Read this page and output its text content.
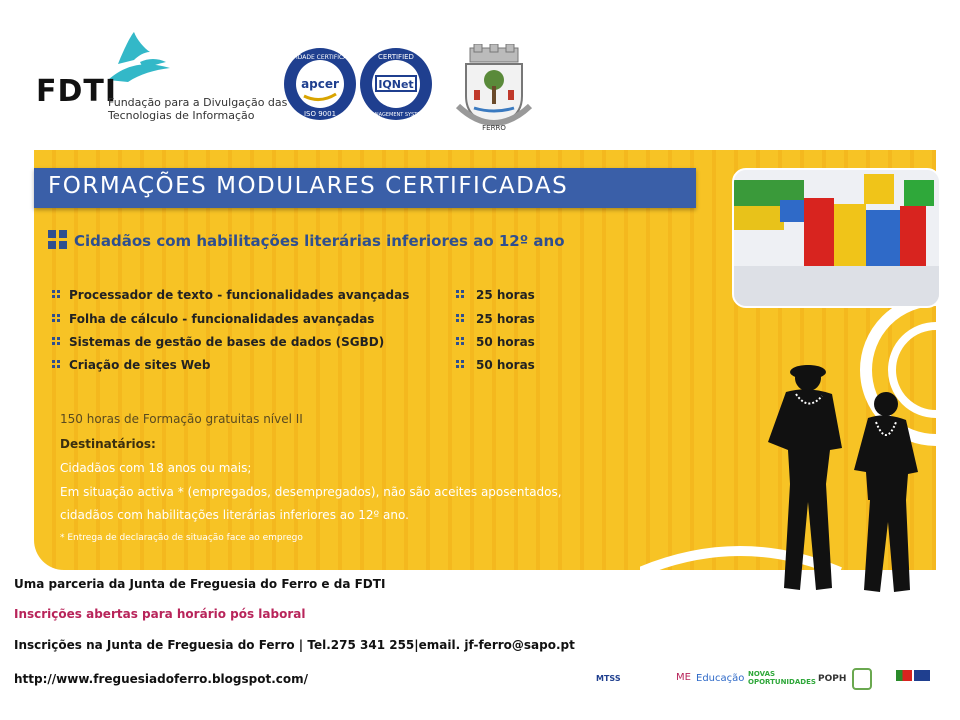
FDTI
Fundação para a Divulgação das
Tecnologias de Informação
apcer
ENTIDADE CERTIFICADA
ISO 9001
IQNet
CERTIFIED
MANAGEMENT SYSTEM
FERRO
FORMAÇÕES MODULARES CERTIFICADAS
Cidadãos com habilitações literárias inferiores ao 12º ano
Processador de texto - funcionalidades avançadas	25 horas
Folha de cálculo - funcionalidades avançadas	25 horas
Sistemas de gestão de bases de dados (SGBD)	50 horas
Criação de sites Web	50 horas
150 horas de Formação gratuitas nível II
Destinatários:
Cidadãos com 18 anos ou mais;
Em situação activa * (empregados, desempregados), não são aceites aposentados,
cidadãos com habilitações literárias inferiores ao 12º ano.
* Entrega de declaração de situação face ao emprego
Uma parceria da Junta de Freguesia do Ferro e da FDTI
Inscrições abertas para horário pós laboral
Inscrições na Junta de Freguesia do Ferro | Tel.275 341 255|email. jf-ferro@sapo.pt
http://www.freguesiadoferro.blogspot.com/	MTSS	ME Educação NOVAS OPORTUNIDADES POPH
